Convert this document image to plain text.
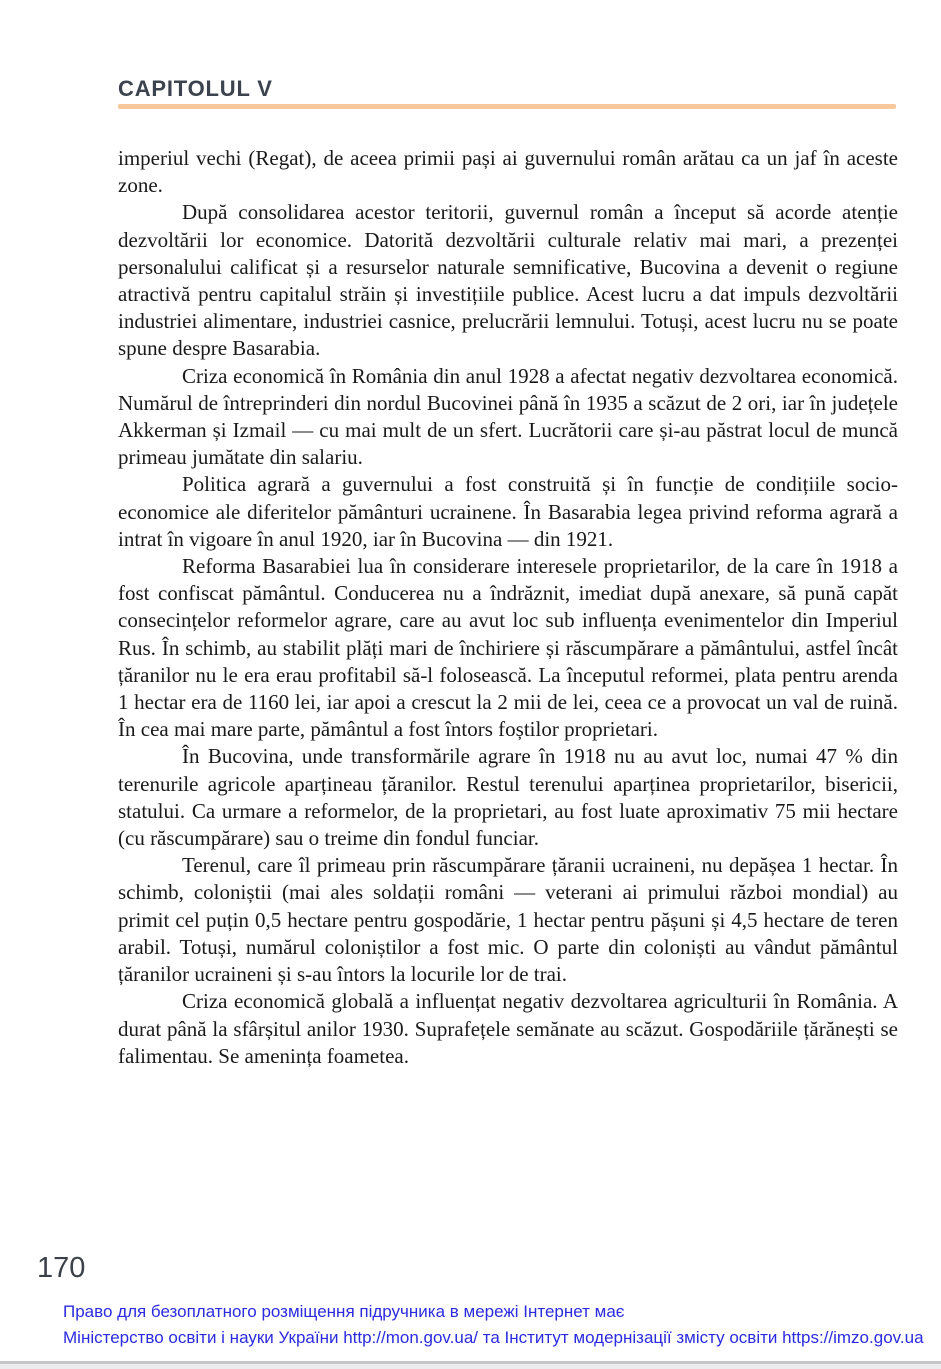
CAPITOLUL V

imperiul vechi (Regat), de aceea primii pași ai guvernului român arătau ca un jaf în aceste zone.

După consolidarea acestor teritorii, guvernul român a început să acorde atenție dezvoltării lor economice. Datorită dezvoltării culturale relativ mai mari, a prezenței personalului calificat și a resurselor naturale semnificative, Bucovina a devenit o regiune atractivă pentru capitalul străin și investițiile publice. Acest lucru a dat impuls dezvoltării industriei alimentare, industriei casnice, prelucrării lemnului. Totuși, acest lucru nu se poate spune despre Basarabia.

Criza economică în România din anul 1928 a afectat negativ dezvoltarea economică. Numărul de întreprinderi din nordul Bucovinei până în 1935 a scăzut de 2 ori, iar în județele Akkerman și Izmail — cu mai mult de un sfert. Lucrătorii care și-au păstrat locul de muncă primeau jumătate din salariu.

Politica agrară a guvernului a fost construită și în funcție de condițiile socio-economice ale diferitelor pământuri ucrainene. În Basarabia legea privind reforma agrară a intrat în vigoare în anul 1920, iar în Bucovina — din 1921.

Reforma Basarabiei lua în considerare interesele proprietarilor, de la care în 1918 a fost confiscat pământul. Conducerea nu a îndrăznit, imediat după anexare, să pună capăt consecințelor reformelor agrare, care au avut loc sub influența evenimentelor din Imperiul Rus. În schimb, au stabilit plăți mari de închiriere și răscumpărare a pământului, astfel încât țăranilor nu le era erau profitabil să-l folosească. La începutul reformei, plata pentru arenda 1 hectar era de 1160 lei, iar apoi a crescut la 2 mii de lei, ceea ce a provocat un val de ruină. În cea mai mare parte, pământul a fost întors foștilor proprietari.

În Bucovina, unde transformările agrare în 1918 nu au avut loc, numai 47 % din terenurile agricole aparțineau țăranilor. Restul terenului aparținea proprietarilor, bisericii, statului. Ca urmare a reformelor, de la proprietari, au fost luate aproximativ 75 mii hectare (cu răscumpărare) sau o treime din fondul funciar.

Terenul, care îl primeau prin răscumpărare țăranii ucraineni, nu depășea 1 hectar. În schimb, coloniștii (mai ales soldații români — veterani ai primului război mondial) au primit cel puțin 0,5 hectare pentru gospodărie, 1 hectar pentru pășuni și 4,5 hectare de teren arabil. Totuși, numărul coloniștilor a fost mic. O parte din coloniști au vândut pământul țăranilor ucraineni și s-au întors la locurile lor de trai.

Criza economică globală a influențat negativ dezvoltarea agriculturii în România. A durat până la sfârșitul anilor 1930. Suprafețele semănate au scăzut. Gospodăriile țărănești se falimentau. Se amenința foametea.

170
Право для безоплатного розміщення підручника в мережі Інтернет має
Міністерство освіти і науки України http://mon.gov.ua/ та Інститут модернізації змісту освіти https://imzo.gov.ua
